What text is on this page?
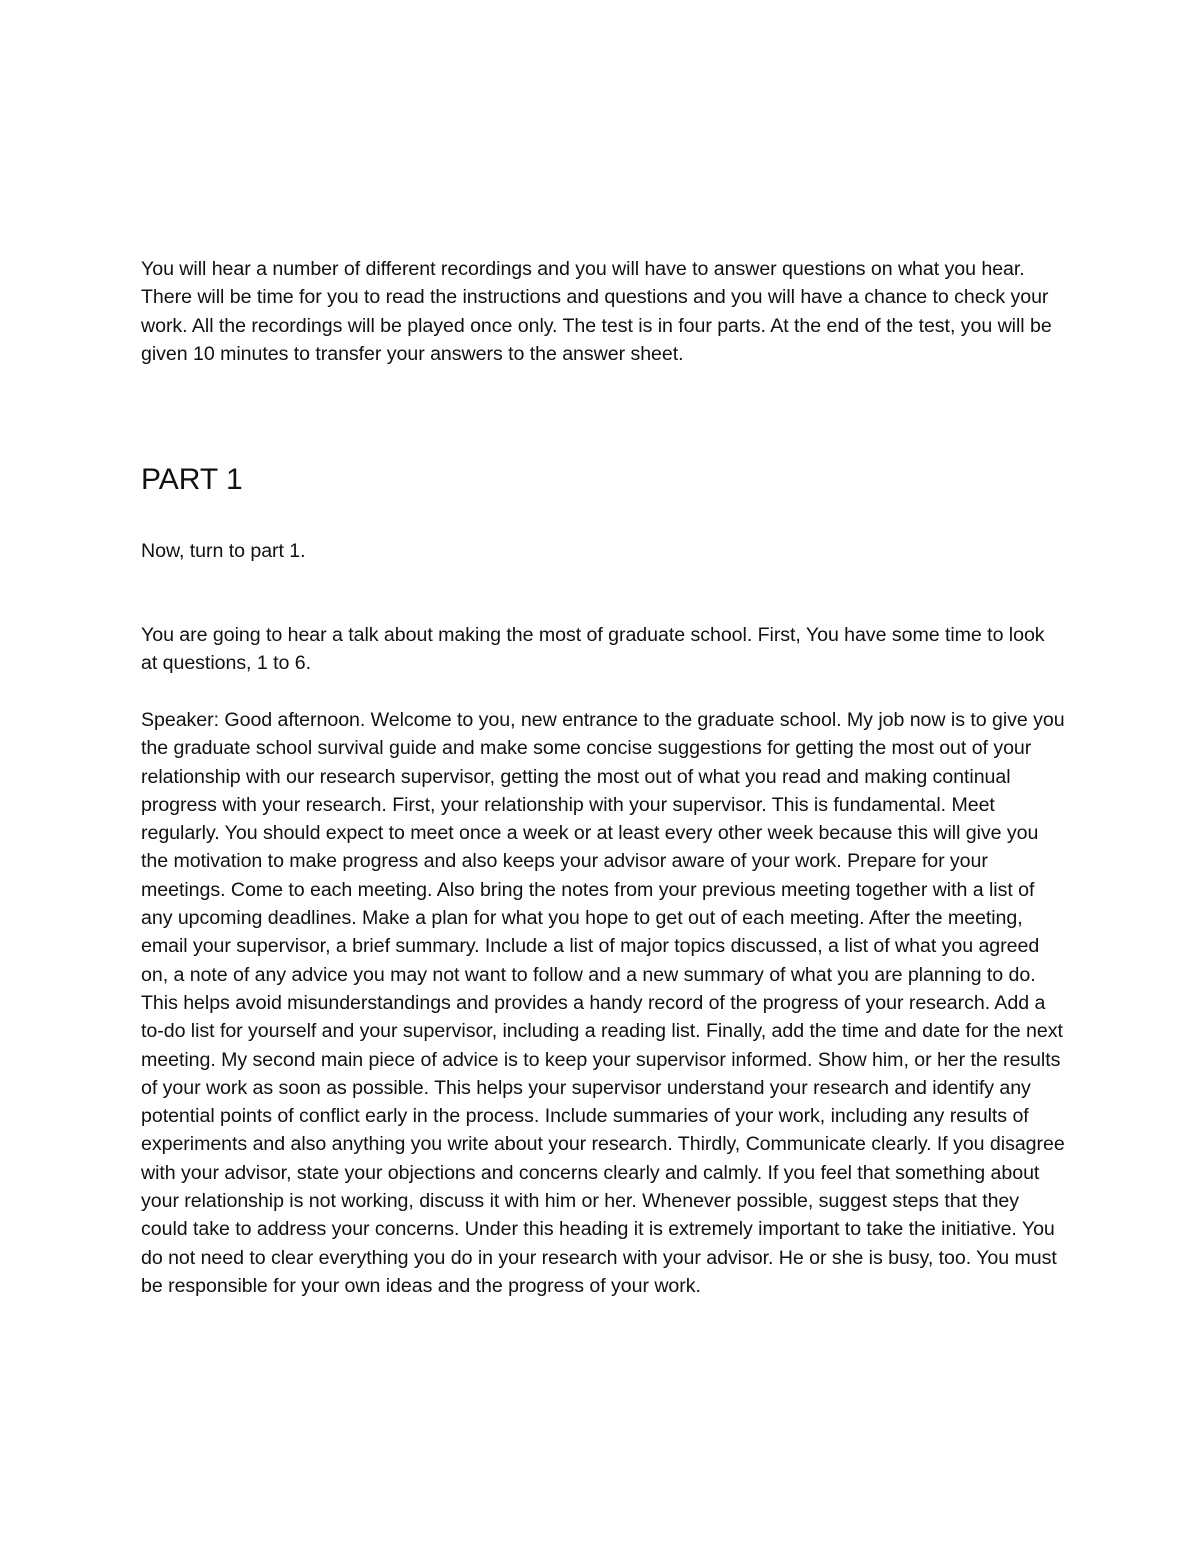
You will hear a number of different recordings and you will have to answer questions on what you hear. There will be time for you to read the instructions and questions and you will have a chance to check your work. All the recordings will be played once only. The test is in four parts. At the end of the test, you will be given 10 minutes to transfer your answers to the answer sheet.

PART 1

Now, turn to part 1.

You are going to hear a talk about making the most of graduate school. First, You have some time to look at questions, 1 to 6.

Speaker: Good afternoon. Welcome to you, new entrance to the graduate school. My job now is to give you the graduate school survival guide and make some concise suggestions for getting the most out of your relationship with our research supervisor, getting the most out of what you read and making continual progress with your research. First, your relationship with your supervisor. This is fundamental. Meet regularly. You should expect to meet once a week or at least every other week because this will give you the motivation to make progress and also keeps your advisor aware of your work. Prepare for your meetings. Come to each meeting. Also bring the notes from your previous meeting together with a list of any upcoming deadlines. Make a plan for what you hope to get out of each meeting. After the meeting, email your supervisor, a brief summary. Include a list of major topics discussed, a list of what you agreed on, a note of any advice you may not want to follow and a new summary of what you are planning to do. This helps avoid misunderstandings and provides a handy record of the progress of your research. Add a to-do list for yourself and your supervisor, including a reading list. Finally, add the time and date for the next meeting. My second main piece of advice is to keep your supervisor informed. Show him, or her the results of your work as soon as possible. This helps your supervisor understand your research and identify any potential points of conflict early in the process. Include summaries of your work, including any results of experiments and also anything you write about your research. Thirdly, Communicate clearly. If you disagree with your advisor, state your objections and concerns clearly and calmly. If you feel that something about your relationship is not working, discuss it with him or her. Whenever possible, suggest steps that they could take to address your concerns. Under this heading it is extremely important to take the initiative. You do not need to clear everything you do in your research with your advisor. He or she is busy, too. You must be responsible for your own ideas and the progress of your work.
